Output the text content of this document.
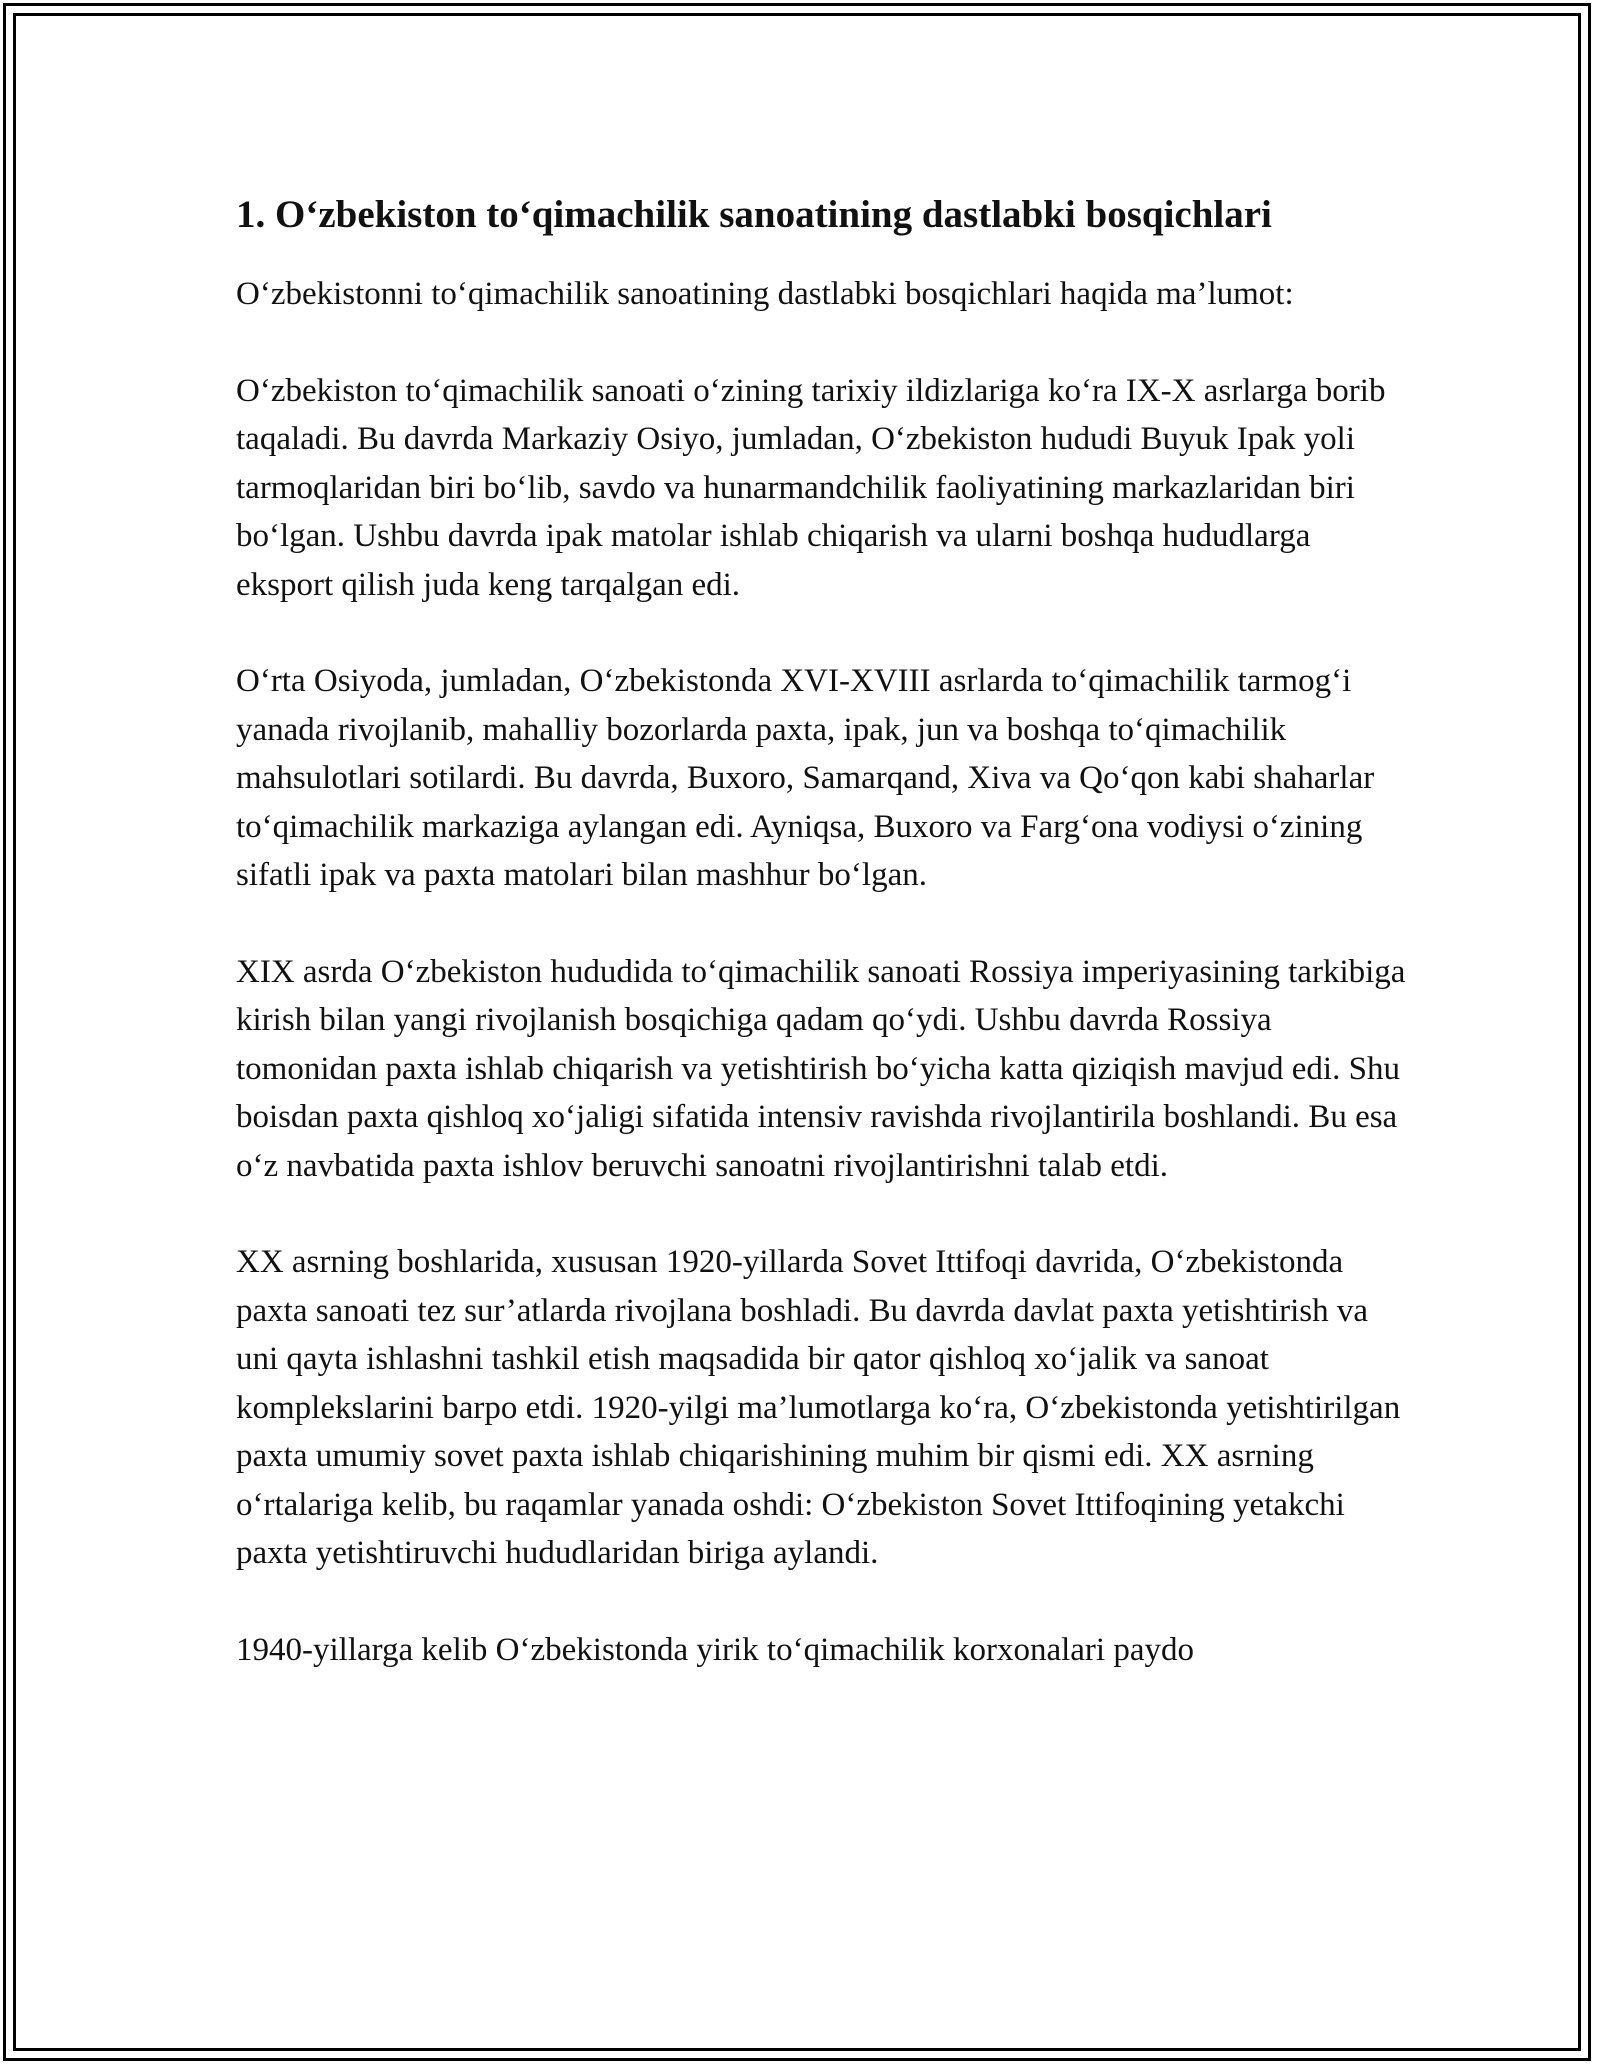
1. O‘zbekiston to‘qimachilik sanoatining dastlabki bosqichlari

O‘zbekistonni to‘qimachilik sanoatining dastlabki bosqichlari haqida ma’lumot:

O‘zbekiston to‘qimachilik sanoati o‘zining tarixiy ildizlariga ko‘ra IX-X asrlarga borib taqaladi. Bu davrda Markaziy Osiyo, jumladan, O‘zbekiston hududi Buyuk Ipak yoli tarmoqlaridan biri bo‘lib, savdo va hunarmandchilik faoliyatining markazlaridan biri bo‘lgan. Ushbu davrda ipak matolar ishlab chiqarish va ularni boshqa hududlarga eksport qilish juda keng tarqalgan edi.

O‘rta Osiyoda, jumladan, O‘zbekistonda XVI-XVIII asrlarda to‘qimachilik tarmog‘i yanada rivojlanib, mahalliy bozorlarda paxta, ipak, jun va boshqa to‘qimachilik mahsulotlari sotilardi. Bu davrda, Buxoro, Samarqand, Xiva va Qo‘qon kabi shaharlar to‘qimachilik markaziga aylangan edi. Ayniqsa, Buxoro va Farg‘ona vodiysi o‘zining sifatli ipak va paxta matolari bilan mashhur bo‘lgan.

XIX asrda O‘zbekiston hududida to‘qimachilik sanoati Rossiya imperiyasining tarkibiga kirish bilan yangi rivojlanish bosqichiga qadam qo‘ydi. Ushbu davrda Rossiya tomonidan paxta ishlab chiqarish va yetishtirish bo‘yicha katta qiziqish mavjud edi. Shu boisdan paxta qishloq xo‘jaligi sifatida intensiv ravishda rivojlantirila boshlandi. Bu esa o‘z navbatida paxta ishlov beruvchi sanoatni rivojlantirishni talab etdi.

XX asrning boshlarida, xususan 1920-yillarda Sovet Ittifoqi davrida, O‘zbekistonda paxta sanoati tez sur’atlarda rivojlana boshladi. Bu davrda davlat paxta yetishtirish va uni qayta ishlashni tashkil etish maqsadida bir qator qishloq xo‘jalik va sanoat komplekslarini barpo etdi. 1920-yilgi ma’lumotlarga ko‘ra, O‘zbekistonda yetishtirilgan paxta umumiy sovet paxta ishlab chiqarishining muhim bir qismi edi. XX asrning o‘rtalariga kelib, bu raqamlar yanada oshdi: O‘zbekiston Sovet Ittifoqining yetakchi paxta yetishtiruvchi hududlaridan biriga aylandi.

1940-yillarga kelib O‘zbekistonda yirik to‘qimachilik korxonalari paydo
